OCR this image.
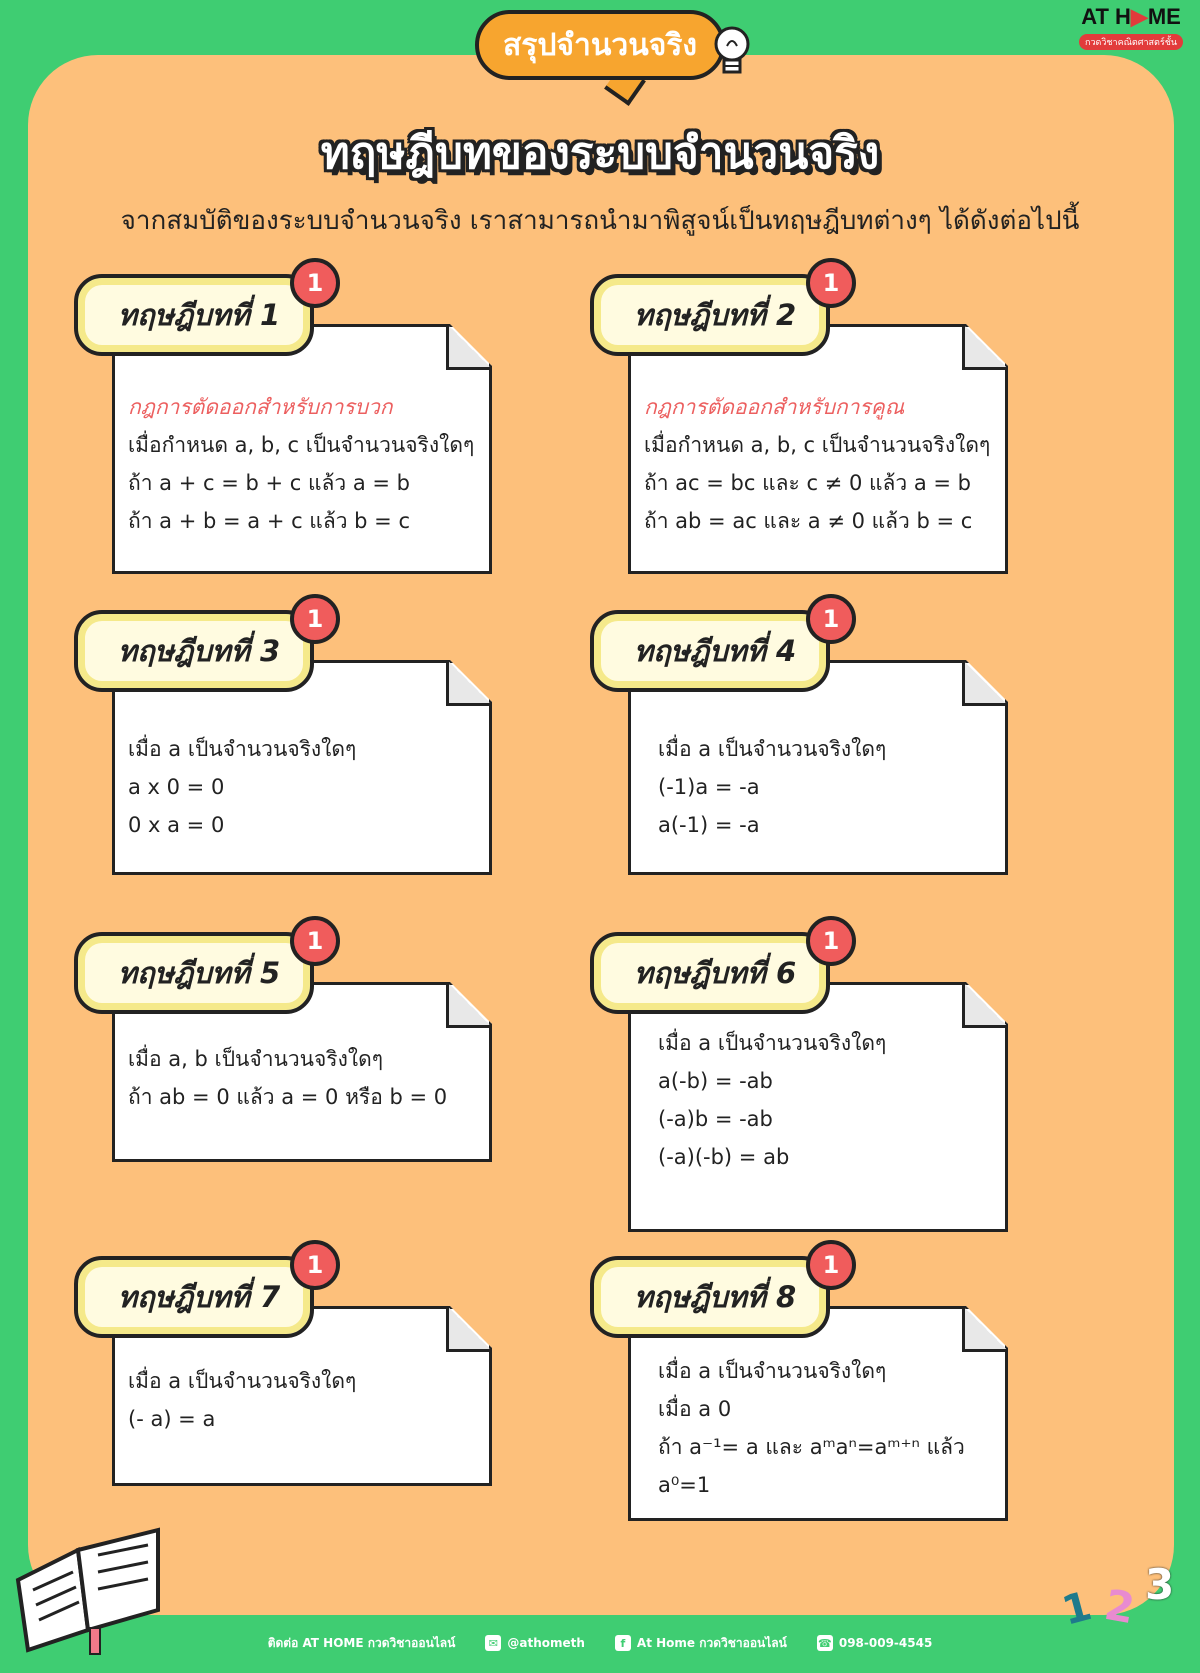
สรุปจำนวนจริง
AT H▶ME
กวดวิชาคณิตศาสตร์ชั้น
ทฤษฎีบทของระบบจำนวนจริง
จากสมบัติของระบบจำนวนจริง เราสามารถนำมาพิสูจน์เป็นทฤษฎีบทต่างๆ ได้ดังต่อไปนี้
ทฤษฎีบทที่ 1
1
กฎการตัดออกสำหรับการบวก
เมื่อกำหนด a, b, c เป็นจำนวนจริงใดๆ
ถ้า a + c = b + c แล้ว a = b
ถ้า a + b = a + c แล้ว b = c
ทฤษฎีบทที่ 2
1
กฎการตัดออกสำหรับการคูณ
เมื่อกำหนด a, b, c เป็นจำนวนจริงใดๆ
ถ้า ac = bc และ c ≠ 0 แล้ว a = b
ถ้า ab = ac และ a ≠ 0 แล้ว b = c
ทฤษฎีบทที่ 3
1
เมื่อ a เป็นจำนวนจริงใดๆ
a x 0 = 0
0 x a = 0
ทฤษฎีบทที่ 4
1
เมื่อ a เป็นจำนวนจริงใดๆ
(-1)a = -a
a(-1) = -a
ทฤษฎีบทที่ 5
1
เมื่อ a, b เป็นจำนวนจริงใดๆ
ถ้า ab = 0 แล้ว a = 0 หรือ b = 0
ทฤษฎีบทที่ 6
1
เมื่อ a เป็นจำนวนจริงใดๆ
a(-b) = -ab
(-a)b = -ab
(-a)(-b) = ab
ทฤษฎีบทที่ 7
1
เมื่อ a เป็นจำนวนจริงใดๆ
(- a) = a
ทฤษฎีบทที่ 8
1
เมื่อ a เป็นจำนวนจริงใดๆ
เมื่อ a 0
ถ้า a⁻¹= a และ aᵐaⁿ=aᵐ⁺ⁿ แล้ว a⁰=1
1 2 3
ติดต่อ AT HOME กวดวิชาออนไลน์	✉ @athometh	f At Home กวดวิชาออนไลน์	☎ 098-009-4545
